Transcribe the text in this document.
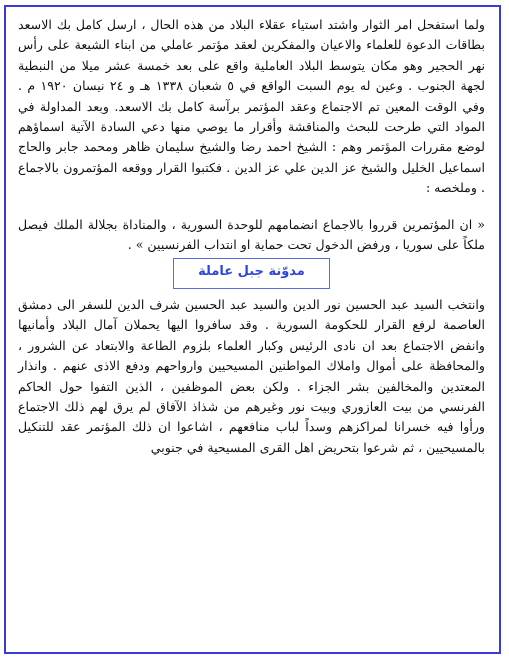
ولما استفحل امر الثوار واشتد استياء عقلاء البلاد من هذه الحال ، ارسل كامل بك الاسعد بطاقات الدعوة للعلماء والاعيان والمفكرين لعقد مؤتمر عاملي من ابناء الشيعة على رأس نهر الحجير وهو مكان يتوسط البلاد العاملية واقع على بعد خمسة عشر ميلا من النبطية لجهة الجنوب . وعين له يوم السبت الواقع في ٥ شعبان ١٣٣٨ هـ و ٢٤ نيسان ١٩٢٠ م . وفي الوقت المعين تم الاجتماع وعقد المؤتمر برآسة كامل بك الاسعد. وبعد المداولة في المواد التي طرحت للبحث والمناقشة وأقرار ما يوصي منها دعي السادة الآتية اسماؤهم لوضع مقررات المؤتمر وهم : الشيخ احمد رضا والشيخ سليمان ظاهر ومحمد جابر والحاج اسماعيل الخليل والشيخ عز الدين علي عز الدين . فكتبوا القرار ووقعه المؤتمرون بالاجماع . وملخصه :

« ان المؤتمرين قرروا بالاجماع انضمامهم للوحدة السورية ، والمناداة بجلالة الملك فيصل ملكاً على سوريا ، ورفض الدخول تحت حماية او انتداب الفرنسيين » .

مدوّنة جبل عاملة

وانتخب السيد عبد الحسين نور الدين والسيد عبد الحسين شرف الدين للسفر الى دمشق العاصمة لرفع القرار للحكومة السورية . وقد سافروا اليها يحملان آمال البلاد وأمانيها وانفض الاجتماع بعد ان نادى الرئيس وكبار العلماء بلزوم الطاعة والابتعاد عن الشرور ، والمحافظة على أموال واملاك المواطنين المسيحيين وارواحهم ودفع الاذى عنهم . وانذار المعتدين والمخالفين بشر الجزاء . ولكن بعض الموظفين ، الذين التفوا حول الحاكم الفرنسي من بيت العازوري وبيت نور وغيرهم من شذاذ الآفاق لم يرق لهم ذلك الاجتماع ورأوا فيه خسرانا لمراكزهم وسداً لباب منافعهم ، اشاعوا ان ذلك المؤتمر عقد للتنكيل بالمسيحيين ، ثم شرعوا بتحريض اهل القرى المسيحية في جنوبي
